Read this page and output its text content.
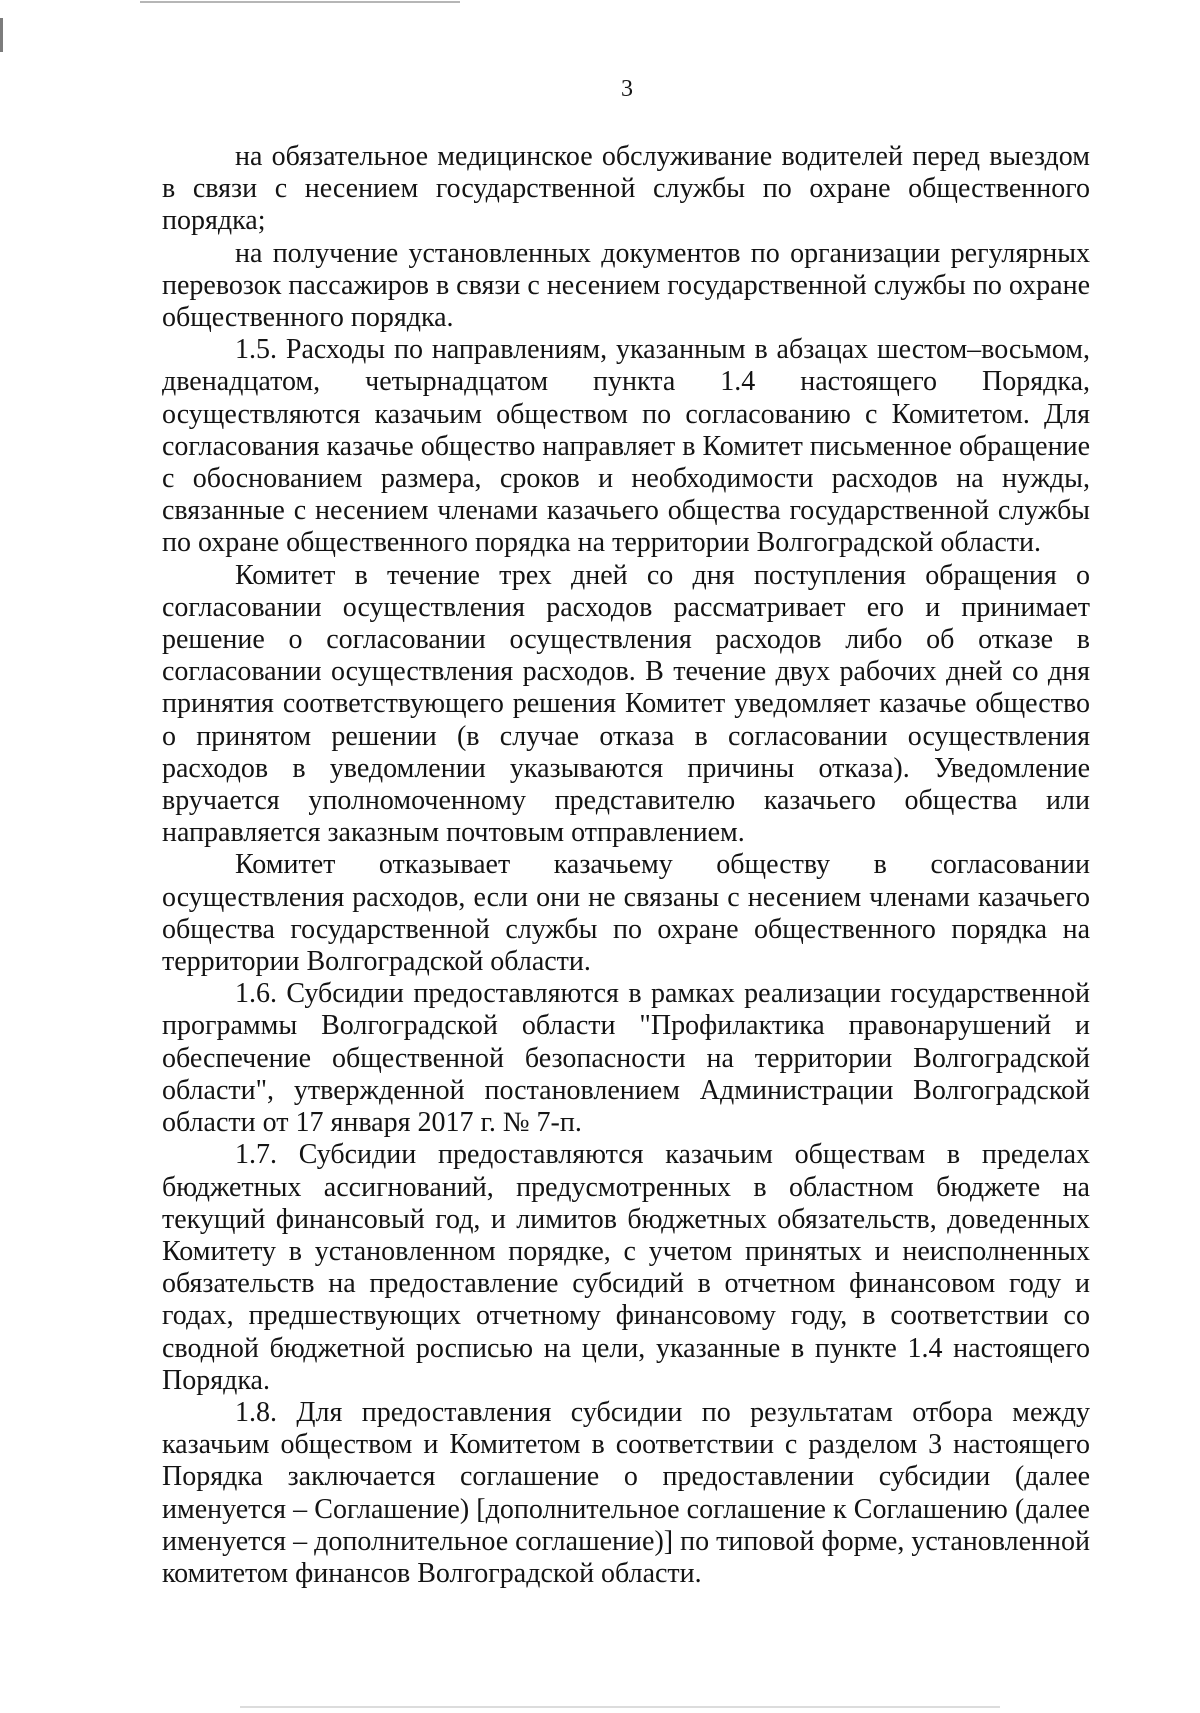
3

на обязательное медицинское обслуживание водителей перед выездом в связи с несением государственной службы по охране общественного порядка;

на получение установленных документов по организации регулярных перевозок пассажиров в связи с несением государственной службы по охране общественного порядка.

1.5. Расходы по направлениям, указанным в абзацах шестом–восьмом, двенадцатом, четырнадцатом пункта 1.4 настоящего Порядка, осуществляются казачьим обществом по согласованию с Комитетом. Для согласования казачье общество направляет в Комитет письменное обращение с обоснованием размера, сроков и необходимости расходов на нужды, связанные с несением членами казачьего общества государственной службы по охране общественного порядка на территории Волгоградской области.

Комитет в течение трех дней со дня поступления обращения о согласовании осуществления расходов рассматривает его и принимает решение о согласовании осуществления расходов либо об отказе в согласовании осуществления расходов. В течение двух рабочих дней со дня принятия соответствующего решения Комитет уведомляет казачье общество о принятом решении (в случае отказа в согласовании осуществления расходов в уведомлении указываются причины отказа). Уведомление вручается уполномоченному представителю казачьего общества или направляется заказным почтовым отправлением.

Комитет отказывает казачьему обществу в согласовании осуществления расходов, если они не связаны с несением членами казачьего общества государственной службы по охране общественного порядка на территории Волгоградской области.

1.6. Субсидии предоставляются в рамках реализации государственной программы Волгоградской области "Профилактика правонарушений и обеспечение общественной безопасности на территории Волгоградской области", утвержденной постановлением Администрации Волгоградской области от 17 января 2017 г. № 7-п.

1.7. Субсидии предоставляются казачьим обществам в пределах бюджетных ассигнований, предусмотренных в областном бюджете на текущий финансовый год, и лимитов бюджетных обязательств, доведенных Комитету в установленном порядке, с учетом принятых и неисполненных обязательств на предоставление субсидий в отчетном финансовом году и годах, предшествующих отчетному финансовому году, в соответствии со сводной бюджетной росписью на цели, указанные в пункте 1.4 настоящего Порядка.

1.8. Для предоставления субсидии по результатам отбора между казачьим обществом и Комитетом в соответствии с разделом 3 настоящего Порядка заключается соглашение о предоставлении субсидии (далее именуется – Соглашение) [дополнительное соглашение к Соглашению (далее именуется – дополнительное соглашение)] по типовой форме, установленной комитетом финансов Волгоградской области.
